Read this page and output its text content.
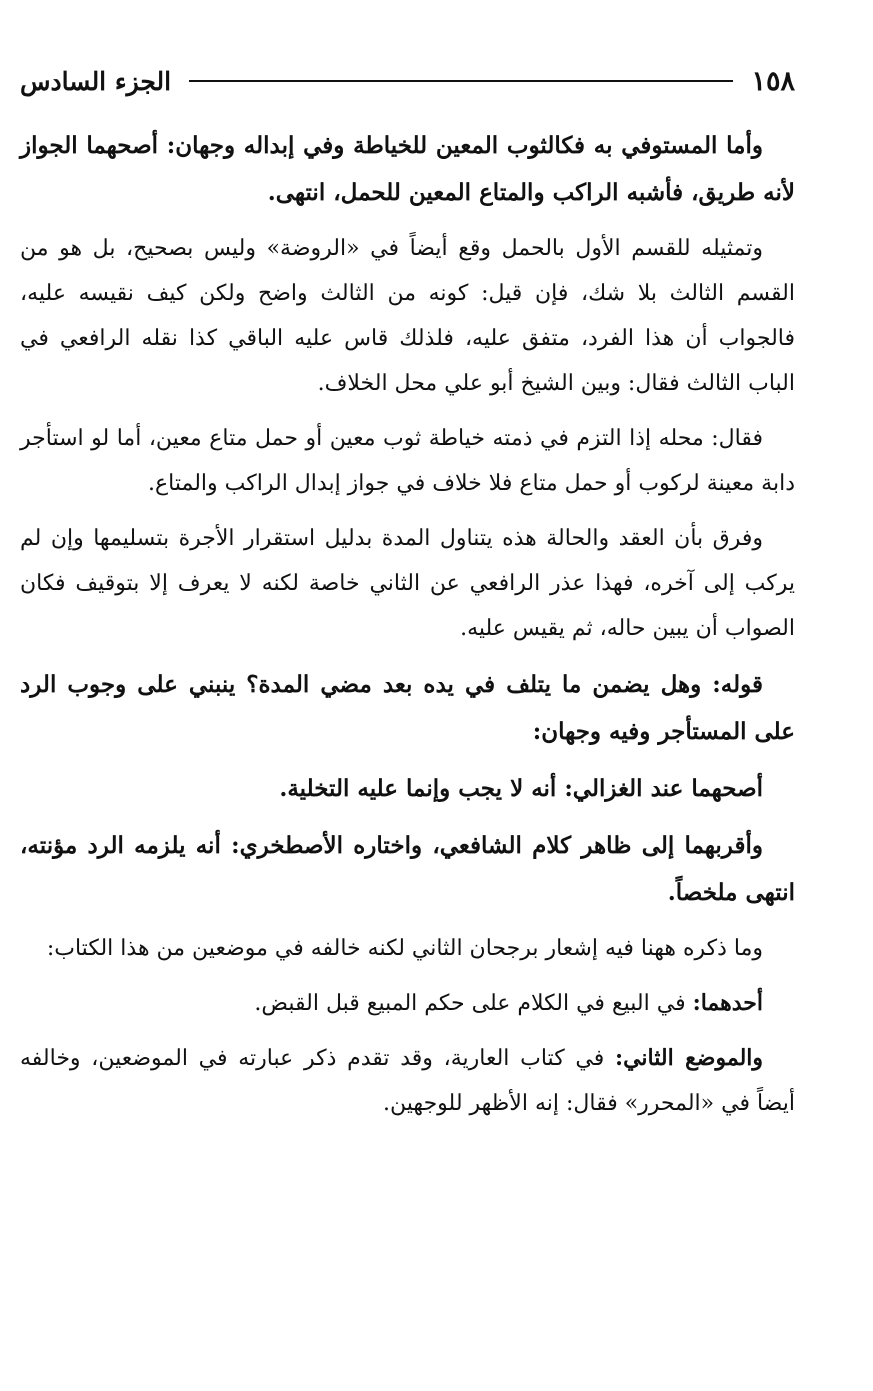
١٥٨
الجزء السادس

وأما المستوفي به فكالثوب المعين للخياطة وفي إبداله وجهان: أصحهما الجواز لأنه طريق، فأشبه الراكب والمتاع المعين للحمل، انتهى.

وتمثيله للقسم الأول بالحمل وقع أيضاً في «الروضة» وليس بصحيح، بل هو من القسم الثالث بلا شك، فإن قيل: كونه من الثالث واضح ولكن كيف نقيسه عليه، فالجواب أن هذا الفرد، متفق عليه، فلذلك قاس عليه الباقي كذا نقله الرافعي في الباب الثالث فقال: وبين الشيخ أبو علي محل الخلاف.

فقال: محله إذا التزم في ذمته خياطة ثوب معين أو حمل متاع معين، أما لو استأجر دابة معينة لركوب أو حمل متاع فلا خلاف في جواز إبدال الراكب والمتاع.

وفرق بأن العقد والحالة هذه يتناول المدة بدليل استقرار الأجرة بتسليمها وإن لم يركب إلى آخره، فهذا عذر الرافعي عن الثاني خاصة لكنه لا يعرف إلا بتوقيف فكان الصواب أن يبين حاله، ثم يقيس عليه.

قوله: وهل يضمن ما يتلف في يده بعد مضي المدة؟ ينبني على وجوب الرد على المستأجر وفيه وجهان:

أصحهما عند الغزالي: أنه لا يجب وإنما عليه التخلية.

وأقربهما إلى ظاهر كلام الشافعي، واختاره الأصطخري: أنه يلزمه الرد مؤنته، انتهى ملخصاً.

وما ذكره ههنا فيه إشعار برجحان الثاني لكنه خالفه في موضعين من هذا الكتاب:

أحدهما: في البيع في الكلام على حكم المبيع قبل القبض.

والموضع الثاني: في كتاب العارية، وقد تقدم ذكر عبارته في الموضعين، وخالفه أيضاً في «المحرر» فقال: إنه الأظهر للوجهين.
